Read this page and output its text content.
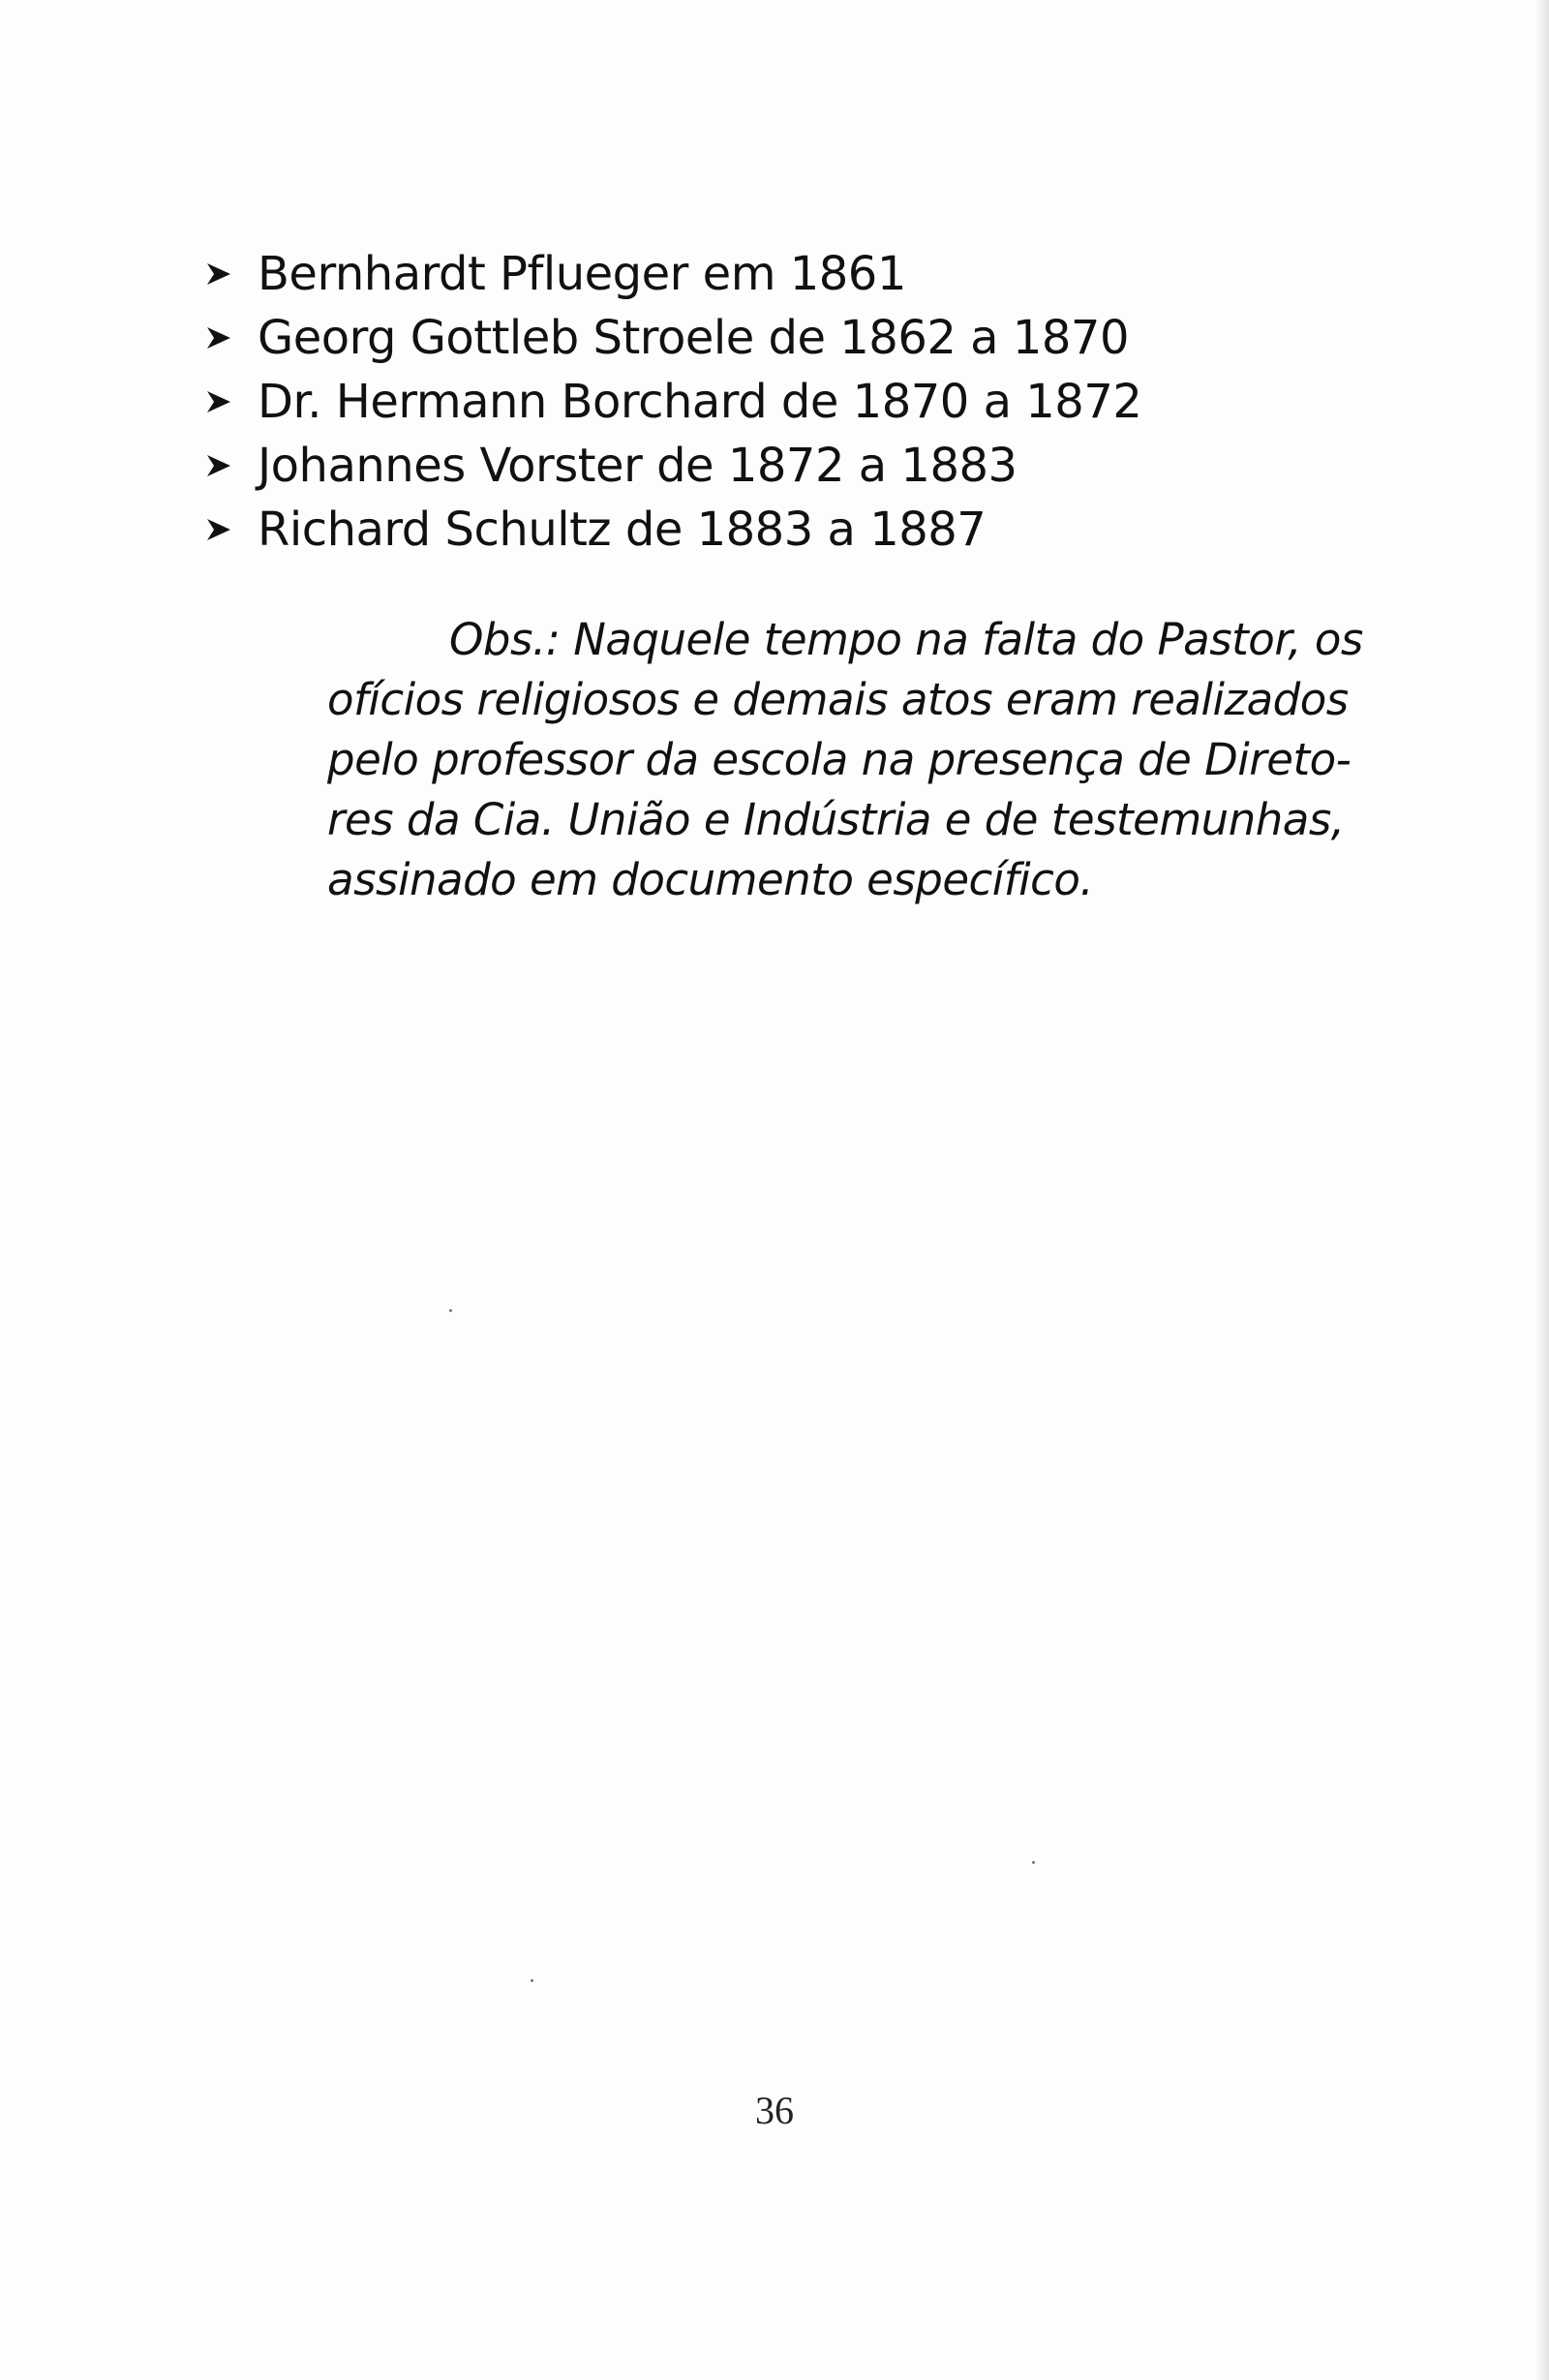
Bernhardt Pflueger em 1861
Georg Gottleb Stroele de 1862 a 1870
Dr. Hermann Borchard de 1870 a 1872
Johannes Vorster de 1872 a 1883
Richard Schultz de 1883 a 1887

Obs.: Naquele tempo na falta do Pastor, os
ofícios religiosos e demais atos eram realizados
pelo professor da escola na presença de Direto-
res da Cia. União e Indústria e de testemunhas,
assinado em documento específico.

36
